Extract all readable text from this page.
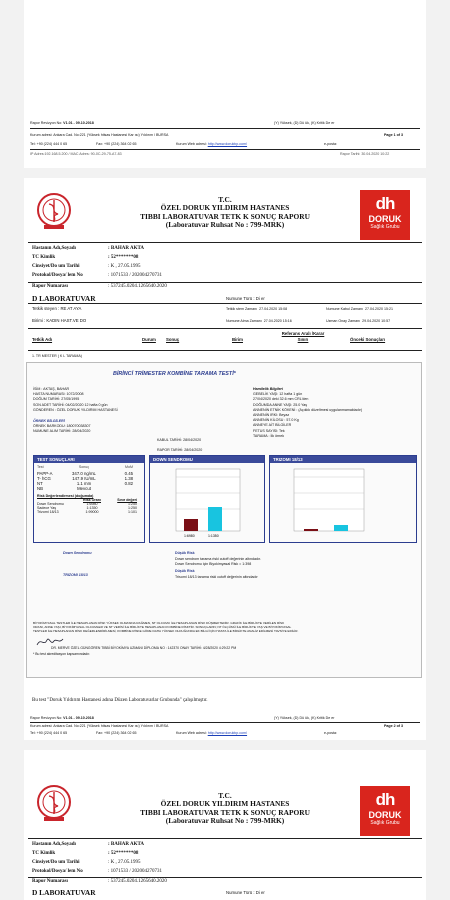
Rapor Revizyon No: V1.01 - 09.10.2018	(Y) Yüksek, (D) Dü ük, (K) Kritik De er
Kurum adresi: Ankara Cad. No:221 (Yüksek htisas Hastanesi Kar ısı) Yıldırım / BURSA	Page 1 of 3
Tel: +90 (224) 444 0 65	Fax: +90 (224) 364 02 65	Kurum Web adresi: http://www.doruktıp.com/	e-posta:
IP Adres:192.168.5.200 / MAC Adres: 90-0C-29-75-A7-83	Rapor Tarihi: 30.04.2020 10:22
T.C.
ÖZEL DORUK YILDIRIM HASTANES
TIBBI LABORATUVAR TETK K SONUÇ RAPORU
(Laboratuvar Ruhsat No : 799-MRK)
dh
DORUK
Sağlık Grubu
Hastanın Adı,Soyadı	: BAHAR AKTA
TC Kimlik	: 52*******08
Cinsiyet/Do um Tarihi	: K , 27.05.1995
Protokol/Dosya/ lem No	: 1071533 / 202004270731
Rapor Numarası	: 537245.0204.1265640.2020
D LABORATUVAR	Numune Türü : Di er
Tetkik steyen : RE AT AYA	Tetkik stem Zamanı 27.04.2020 15:08	Numune Kabul Zamanı 27.04.2020 15:21
Birimi : KADIN HAST.VE DO	Numune Alma Zamanı 27.04.2020 15:16	Uzman Onay Zamanı 29.04.2020 10:57
Tetkik Adı	Durum Sonuç	Birim
Referans Aralı /Karar Sınırı	Önceki Sonuçları
1. TR MESTER ( K L TARAMA)
BİRİNCİ TRİMESTER KOMBİNE TARAMA TESTİ*
İSİM : AKTAŞ, BAHAR
HASTA NUMARASI: 1072/2008
DOĞUM TARİHİ: 27/05/1995
SON ADET TARİHİ: 04/02/2020 12 hafta 0 gün
GÖNDEREN : ÖZEL DORUK YILDIRIM HASTANESİ
ÖRNEK BİLGİLERİ
ÖRNEK BARKODU: 180070038307
NUMUNE ALIM TARİHİ: 28/04/2020
KABUL TARİHİ: 28/04/2020
RAPOR TARİHİ: 28/04/2020
Hamilelik Bilgileri
GEBELİK YAŞI: 12 hafta 1 gün
27/04/2020 deki 32.6 mm CRL'den
DOĞUMDA ANNE YAŞI: 25.0 Yaş
ANNENİN ETNİK KÖKENİ : (Açıklık düzeltmesi uygulanmamaktadır)
ANNENİN IRKI: Beyaz
ANNENİN KİLOSU : 57.0 Kg
ANNEYE AİT BİLGİLER
FETUS SAYISI: Tek
TARAMA : İlk örnek
TEST SONUÇLARI
Test	Sonuç	MoM
PAPP-A	347.0 ng/mL	0.45
T- hCG	147.9 IU/mL	1.38
NT	1.1 mm	0.82
NB	Mevcut
Risk Değerlendirmesi (doğumda)
Risk Oranı	Sınır değeri
Down Sendromu	1:6980	1:250
Sadece Yaş	1:1350	1:250
Trizomi 18/13	1:99000	1:101
DOWN SENDROMU
1:6980	1:1350
TRIZOMI 18/13
Down Sendromu	Düşük Risk
Down sendrom tarama riski cutoff değerinin altındadır.
Down Sendromu için Biyokimyasal Risk = 1:398
TRIZOMI 18/13
Düşük Risk
Trisomi 18/13 tarama riski cutoff değerinin altındadır
BİYOKİMYASAL TESTLER İLE HESAPLANAN RİSK YÜKSEK OLMASINA RAĞMEN, NT OLCUMU İLE HESAPLANAN RİSK DÜŞMEKTEDİR. GRAFİK İLE BİRLİKTE VERİLEN RİSK
ORANI, ANNE YAŞI, BİYOKİMYASAL OLCUMLER VE NT VERİSİ İLE BİRLİKTE HESAPLANAN KOMBİNE RİSKTİR. SONUÇLARIN; NT ÖLÇÜMÜ İLE BİRLİKTE YAŞ VE BİYOKİMYASAL
TESTLER İLE HESAPLANAN RİSK DEĞERLENDİRİLMESİ, KOMBİNE RİSKE GÖRE DAHA YÜKSEK OLDUĞUNDA EK BİLGİ İÇİN HASTA İLE BİRLİKTE ANALİZ EDİLMESİ TAVSİYE EDİLİR.
DR. MERVE ÖZEL GÜNGÖREN TIBBİ BİYOKİMYA UZMANI DİPLOMA NO : 142370 ONAY TARİHİ: 4/28/2020 4:29:22 PM
* Bu test akreditasyon kapsamındadır.
Bu test "Doruk Yıldırım Hastanesi adına Düzen Laboratuvarlar Grubunda" çalışılmıştır.
Rapor Revizyon No: V1.01 - 09.10.2018	(Y) Yüksek, (D) Dü ük, (K) Kritik De er
Kurum adresi: Ankara Cad. No:221 (Yüksek htisas Hastanesi Kar ısı) Yıldırım / BURSA	Page 2 of 3
Tel: +90 (224) 444 0 65	Fax: +90 (224) 364 02 65	Kurum Web adresi: http://www.doruktıp.com/	e-posta:
T.C.
ÖZEL DORUK YILDIRIM HASTANES
TIBBI LABORATUVAR TETK K SONUÇ RAPORU
(Laboratuvar Ruhsat No : 799-MRK)
dh
DORUK
Sağlık Grubu
Hastanın Adı,Soyadı	: BAHAR AKTA
TC Kimlik	: 52*******08
Cinsiyet/Do um Tarihi	: K , 27.05.1995
Protokol/Dosya/ lem No	: 1071533 / 202004270731
Rapor Numarası	: 537245.0204.1265640.2020
D LABORATUVAR	Numune Türü : Di er
